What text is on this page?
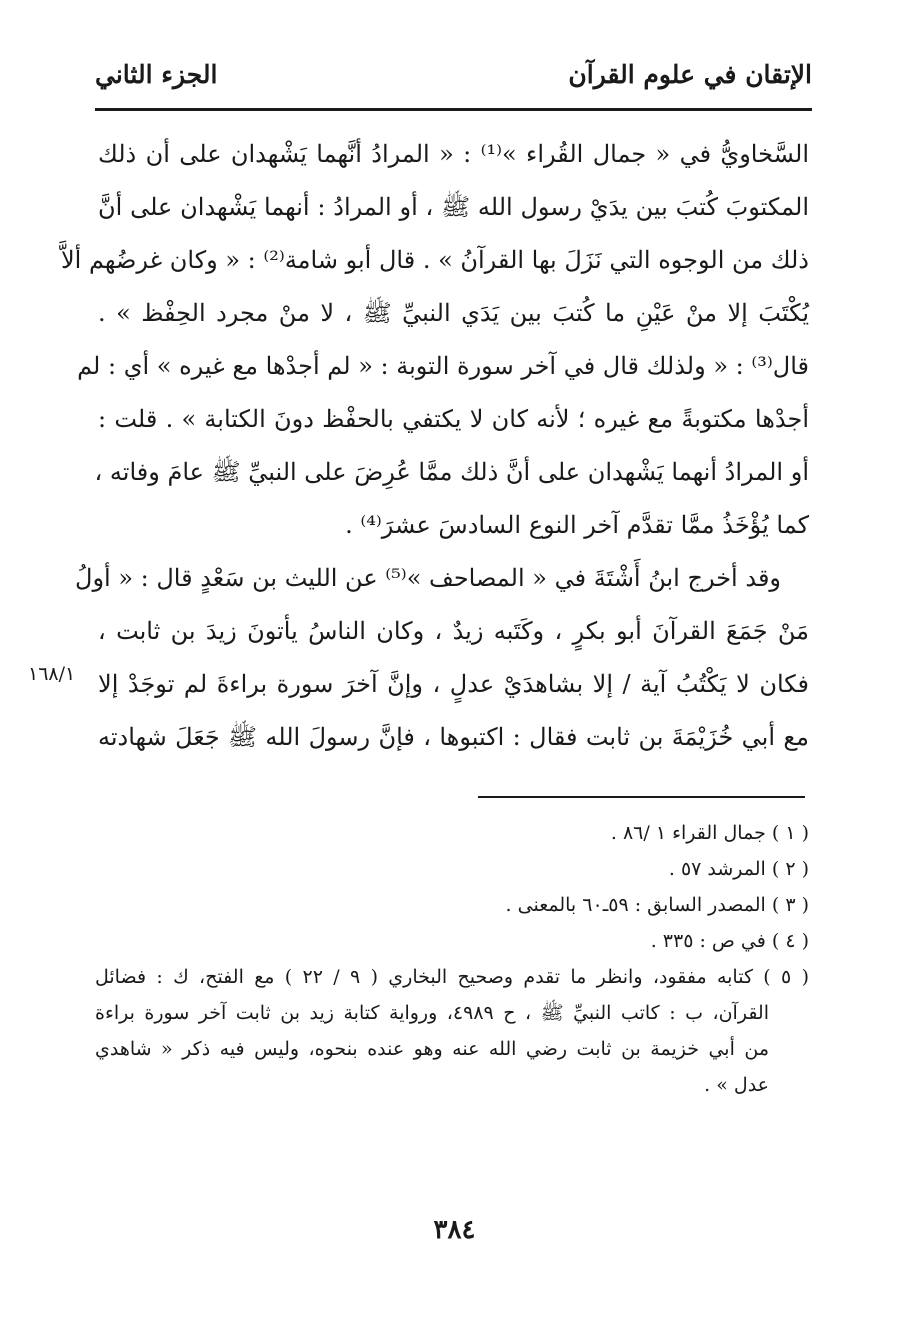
الإتقان في علوم القرآن
الجزء الثاني
السَّخاويُّ في « جمال القُراء »⁽¹⁾ : « المرادُ أنَّهما يَشْهدان على أن ذلك
المكتوبَ كُتبَ بين يدَيْ رسول الله ﷺ ، أو المرادُ : أنهما يَشْهدان على أنَّ
ذلك من الوجوه التي نَزَلَ بها القرآنُ » . قال أبو شامة⁽²⁾ : « وكان غرضُهم ألاَّ
يُكْتَبَ إلا منْ عَيْنِ ما كُتبَ بين يَدَي النبيِّ ﷺ ، لا منْ مجرد الحِفْظ » .
قال⁽³⁾ : « ولذلك قال في آخر سورة التوبة : « لم أجدْها مع غيره » أي : لم
أجدْها مكتوبةً مع غيره ؛ لأنه كان لا يكتفي بالحفْظ دونَ الكتابة » . قلت :
أو المرادُ أنهما يَشْهدان على أنَّ ذلك ممَّا عُرِضَ على النبيِّ ﷺ عامَ وفاته ،
كما يُؤْخَذُ ممَّا تقدَّم آخر النوع السادسَ عشرَ⁽⁴⁾ .
وقد أخرج ابنُ أَشْتَةَ في « المصاحف »⁽⁵⁾ عن الليث بن سَعْدٍ قال : « أولُ
مَنْ جَمَعَ القرآنَ أبو بكرٍ ، وكَتَبه زيدٌ ، وكان الناسُ يأتونَ زيدَ بن ثابت ،
فكان لا يَكْتُبُ آية / إلا بشاهدَيْ عدلٍ ، وإنَّ آخرَ سورة براءةَ لم توجَدْ إلا
مع أبي خُزَيْمَةَ بن ثابت فقال : اكتبوها ، فإنَّ رسولَ الله ﷺ جَعَلَ شهادته
١٦٨/١
( ١ ) جمال القراء ١ /٨٦ .
( ٢ ) المرشد ٥٧ .
( ٣ ) المصدر السابق : ٥٩ـ٦٠ بالمعنى .
( ٤ ) في ص : ٣٣٥ .
( ٥ ) كتابه مفقود، وانظر ما تقدم وصحيح البخاري ( ٩ / ٢٢ ) مع الفتح، ك : فضائل
القرآن، ب : كاتب النبيِّ ﷺ ، ح ٤٩٨٩، ورواية كتابة زيد بن ثابت آخر سورة براءة
من أبي خزيمة بن ثابت رضي الله عنه وهو عنده بنحوه، وليس فيه ذكر « شاهدي
عدل » .
٣٨٤
